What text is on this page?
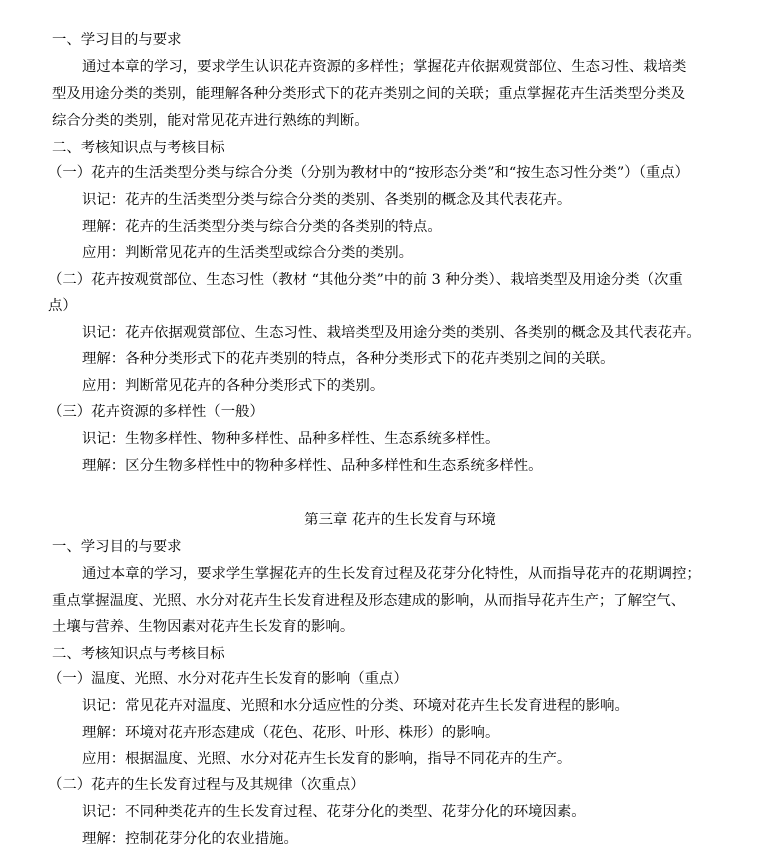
一、学习目的与要求
通过本章的学习，要求学生认识花卉资源的多样性；掌握花卉依据观赏部位、生态习性、栽培类
型及用途分类的类别，能理解各种分类形式下的花卉类别之间的关联；重点掌握花卉生活类型分类及
综合分类的类别，能对常见花卉进行熟练的判断。
二、考核知识点与考核目标
（一）花卉的生活类型分类与综合分类（分别为教材中的“按形态分类”和“按生态习性分类”）（重点）
识记：花卉的生活类型分类与综合分类的类别、各类别的概念及其代表花卉。
理解：花卉的生活类型分类与综合分类的各类别的特点。
应用：判断常见花卉的生活类型或综合分类的类别。
（二）花卉按观赏部位、生态习性（教材 “其他分类”中的前 3 种分类）、栽培类型及用途分类（次重
点）
识记：花卉依据观赏部位、生态习性、栽培类型及用途分类的类别、各类别的概念及其代表花卉。
理解：各种分类形式下的花卉类别的特点，各种分类形式下的花卉类别之间的关联。
应用：判断常见花卉的各种分类形式下的类别。
（三）花卉资源的多样性（一般）
识记：生物多样性、物种多样性、品种多样性、生态系统多样性。
理解：区分生物多样性中的物种多样性、品种多样性和生态系统多样性。
第三章 花卉的生长发育与环境
一、学习目的与要求
通过本章的学习，要求学生掌握花卉的生长发育过程及花芽分化特性，从而指导花卉的花期调控；
重点掌握温度、光照、水分对花卉生长发育进程及形态建成的影响，从而指导花卉生产；了解空气、
土壤与营养、生物因素对花卉生长发育的影响。
二、考核知识点与考核目标
（一）温度、光照、水分对花卉生长发育的影响（重点）
识记：常见花卉对温度、光照和水分适应性的分类、环境对花卉生长发育进程的影响。
理解：环境对花卉形态建成（花色、花形、叶形、株形）的影响。
应用：根据温度、光照、水分对花卉生长发育的影响，指导不同花卉的生产。
（二）花卉的生长发育过程与及其规律（次重点）
识记：不同种类花卉的生长发育过程、花芽分化的类型、花芽分化的环境因素。
理解：控制花芽分化的农业措施。
